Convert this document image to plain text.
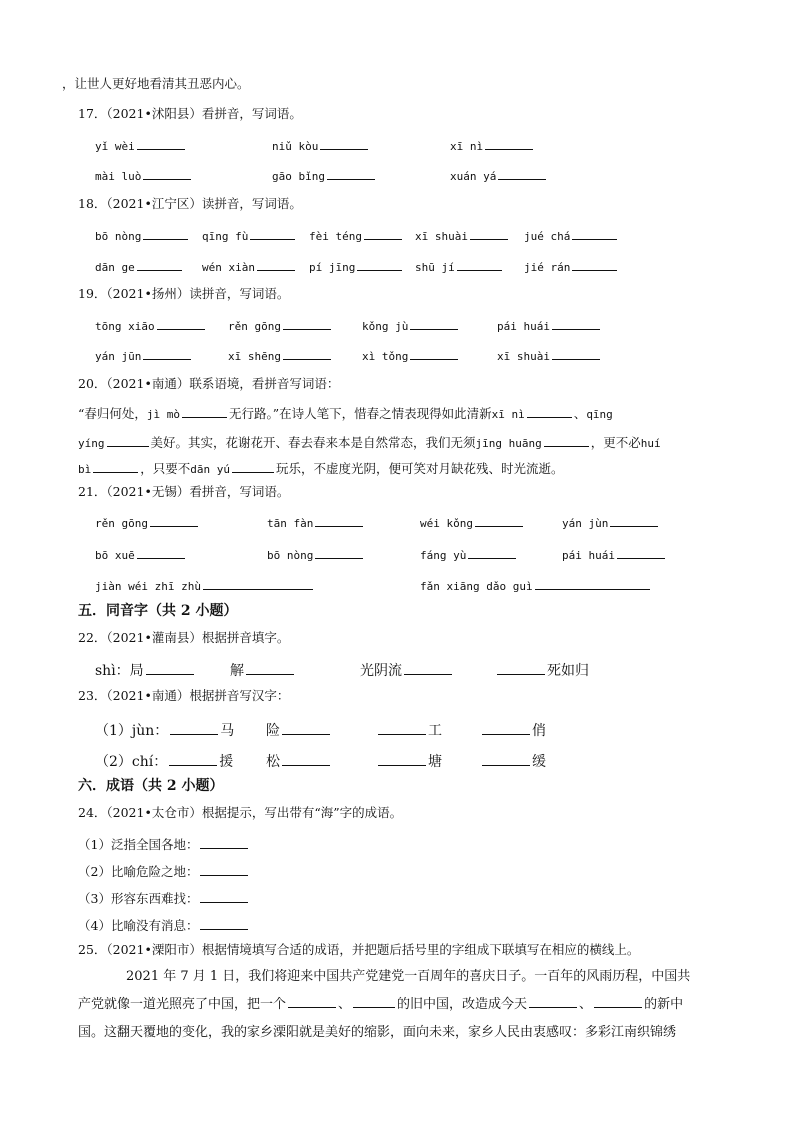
，让世人更好地看清其丑恶内心。
17．（2021•沭阳县）看拼音，写词语。
yǐ wèi	niǔ kòu	xī nì
mài luò	gāo bǐng	xuán yá
18．（2021•江宁区）读拼音，写词语。
bō nòng	qīng fù	fèi téng	xī shuài	jué chá
dān ge	wén xiàn	pí jīng	shū jí	jié rán
19．（2021•扬州）读拼音，写词语。
tōng xiāo	rěn gōng	kǒng jù	pái huái
yán jūn	xī shēng	xì tǒng	xī shuài
20．（2021•南通）联系语境，看拼音写词语：
“春归何处，jì mò	无行路。”在诗人笔下，惜春之情表现得如此清新xī nì	、qīng
yíng	美好。其实，花谢花开、春去春来本是自然常态，我们无须jīng huāng	，更不必huí
bì	，只要不dān yú	玩乐，不虚度光阴，便可笑对月缺花残、时光流逝。
21．（2021•无锡）看拼音，写词语。
rěn gōng	tān fàn	wéi kǒng	yán jùn
bō xuē	bō nòng	fáng yù	pái huái
jiàn wéi zhī zhù	fǎn xiāng dǎo guì
五．同音字（共 2 小题）
22．（2021•灌南县）根据拼音填字。
shì：局	解	光阴流	死如归
23．（2021•南通）根据拼音写汉字：
（1）jùn：	马 险	工	俏
（2）chí：	援 松	塘	缓
六．成语（共 2 小题）
24．（2021•太仓市）根据提示，写出带有“海”字的成语。
（1）泛指全国各地：
（2）比喻危险之地：
（3）形容东西难找：
（4）比喻没有消息：
25．（2021•溧阳市）根据情境填写合适的成语，并把题后括号里的字组成下联填写在相应的横线上。
2021 年 7 月 1 日，我们将迎来中国共产党建党一百周年的喜庆日子。一百年的风雨历程，中国共
产党就像一道光照亮了中国，把一个	、	的旧中国，改造成今天	、	的新中
国。这翻天覆地的变化，我的家乡溧阳就是美好的缩影，面向未来，家乡人民由衷感叹：多彩江南织锦绣
